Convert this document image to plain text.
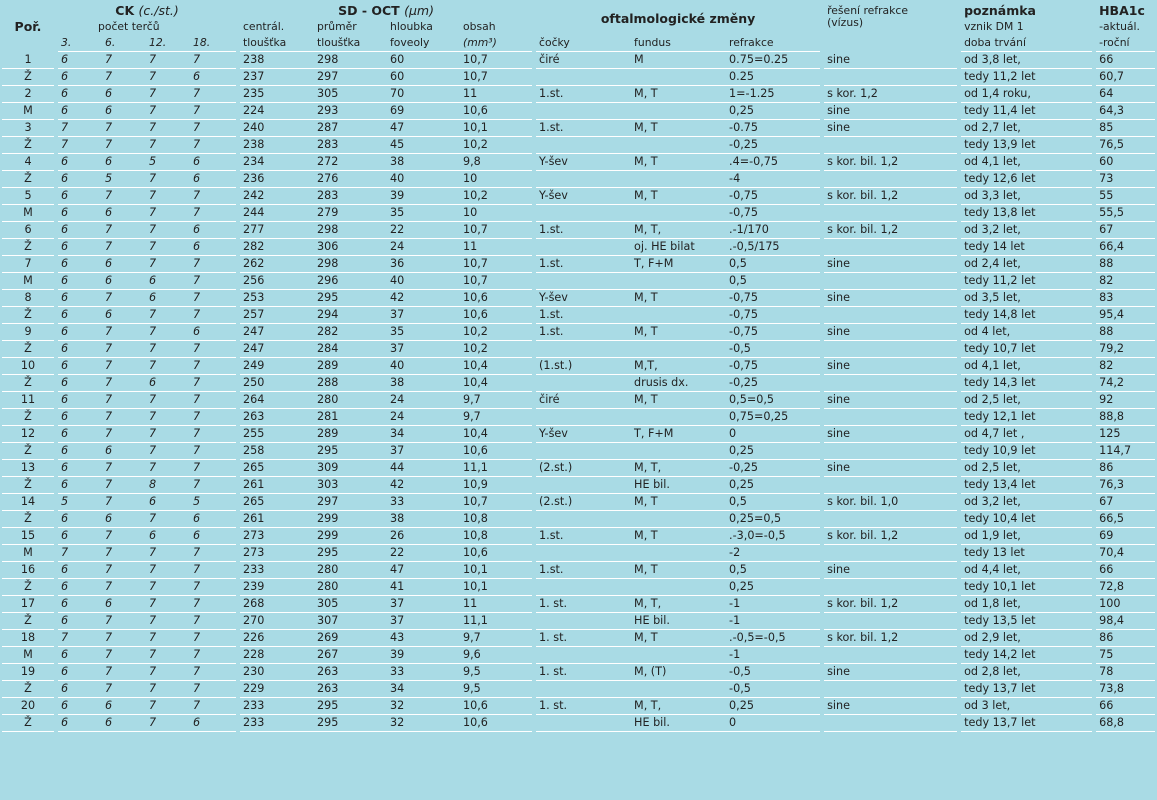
Poř.		CK (c./st.)					SD - OCT (µm)					oftalmologické změny				řešení refrakce
(vízus)		poznámka		HBA1c
		počet terčů					centrál.	průměr	hloubka	obsah								vznik DM 1		-aktuál.
		3.	6.	12.	18.		tloušťka	tloušťka	foveoly	(mm³)		čočky	fundus	refrakce				doba trvání		-roční
1		6	7	7	7		238	298	60	10,7		čiré	M	0.75=0.25		sine		od 3,8 let,		66
Ž		6	7	7	6		237	297	60	10,7				0.25				tedy 11,2 let		60,7
2		6	6	7	7		235	305	70	11		1.st.	M, T	1=-1.25		s kor. 1,2		od 1,4 roku,		64
M		6	6	7	7		224	293	69	10,6				0,25		sine		tedy 11,4 let		64,3
3		7	7	7	7		240	287	47	10,1		1.st.	M, T	-0.75		sine		od 2,7 let,		85
Ž		7	7	7	7		238	283	45	10,2				-0,25				tedy 13,9 let		76,5
4		6	6	5	6		234	272	38	9,8		Y-šev	M, T	.4=-0,75		s kor. bil. 1,2		od 4,1 let,		60
Ž		6	5	7	6		236	276	40	10				-4				tedy 12,6 let		73
5		6	7	7	7		242	283	39	10,2		Y-šev	M, T	-0,75		s kor. bil. 1,2		od 3,3 let,		55
M		6	6	7	7		244	279	35	10				-0,75				tedy 13,8 let		55,5
6		6	7	7	6		277	298	22	10,7		1.st.	M, T,	.-1/170		s kor. bil. 1,2		od 3,2 let,		67
Ž		6	7	7	6		282	306	24	11			oj. HE bilat	.-0,5/175				tedy 14 let		66,4
7		6	6	7	7		262	298	36	10,7		1.st.	T, F+M	0,5		sine		od 2,4 let,		88
M		6	6	6	7		256	296	40	10,7				0,5				tedy 11,2 let		82
8		6	7	6	7		253	295	42	10,6		Y-šev	M, T	-0,75		sine		od 3,5 let,		83
Ž		6	6	7	7		257	294	37	10,6		1.st.		-0,75				tedy 14,8 let		95,4
9		6	7	7	6		247	282	35	10,2		1.st.	M, T	-0,75		sine		od 4 let,		88
Ž		6	7	7	7		247	284	37	10,2				-0,5				tedy 10,7 let		79,2
10		6	7	7	7		249	289	40	10,4		(1.st.)	M,T,	-0,75		sine		od 4,1 let,		82
Ž		6	7	6	7		250	288	38	10,4			drusis dx.	-0,25				tedy 14,3 let		74,2
11		6	7	7	7		264	280	24	9,7		čiré	M, T	0,5=0,5		sine		od 2,5 let,		92
Ž		6	7	7	7		263	281	24	9,7				0,75=0,25				tedy 12,1 let		88,8
12		6	7	7	7		255	289	34	10,4		Y-šev	T, F+M	0		sine		od 4,7 let ,		125
Ž		6	6	7	7		258	295	37	10,6				0,25				tedy 10,9 let		114,7
13		6	7	7	7		265	309	44	11,1		(2.st.)	M, T,	-0,25		sine		od 2,5 let,		86
Ž		6	7	8	7		261	303	42	10,9			HE bil.	0,25				tedy 13,4 let		76,3
14		5	7	6	5		265	297	33	10,7		(2.st.)	M, T	0,5		s kor. bil. 1,0		od 3,2 let,		67
Ž		6	6	7	6		261	299	38	10,8				0,25=0,5				tedy 10,4 let		66,5
15		6	7	6	6		273	299	26	10,8		1.st.	M, T	.-3,0=-0,5		s kor. bil. 1,2		od 1,9 let,		69
M		7	7	7	7		273	295	22	10,6				-2				tedy 13 let		70,4
16		6	7	7	7		233	280	47	10,1		1.st.	M, T	0,5		sine		od 4,4 let,		66
Ž		6	7	7	7		239	280	41	10,1				0,25				tedy 10,1 let		72,8
17		6	6	7	7		268	305	37	11		1. st.	M, T,	-1		s kor. bil. 1,2		od 1,8 let,		100
Ž		6	7	7	7		270	307	37	11,1			HE bil.	-1				tedy 13,5 let		98,4
18		7	7	7	7		226	269	43	9,7		1. st.	M, T	.-0,5=-0,5		s kor. bil. 1,2		od 2,9 let,		86
M		6	7	7	7		228	267	39	9,6				-1				tedy 14,2 let		75
19		6	7	7	7		230	263	33	9,5		1. st.	M, (T)	-0,5		sine		od 2,8 let,		78
Ž		6	7	7	7		229	263	34	9,5				-0,5				tedy 13,7 let		73,8
20		6	6	7	7		233	295	32	10,6		1. st.	M, T,	0,25		sine		od 3 let,		66
Ž		6	6	7	6		233	295	32	10,6			HE bil.	0				tedy 13,7 let		68,8
